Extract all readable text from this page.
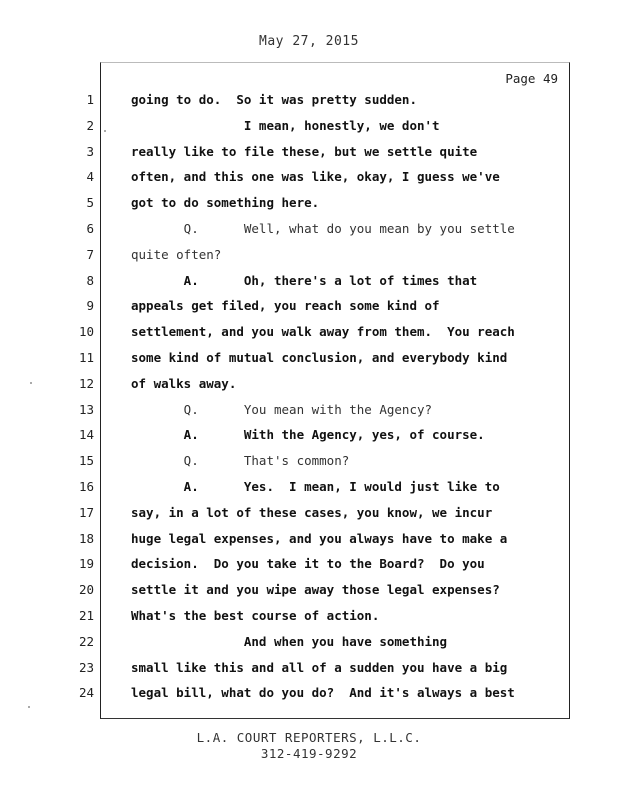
May 27, 2015
Page 49
1	going to do.  So it was pretty sudden.
2	I mean, honestly, we don't
3	really like to file these, but we settle quite
4	often, and this one was like, okay, I guess we've
5	got to do something here.
6	Q.      Well, what do you mean by you settle
7	quite often?
8	A.      Oh, there's a lot of times that
9	appeals get filed, you reach some kind of
10	settlement, and you walk away from them.  You reach
11	some kind of mutual conclusion, and everybody kind
12	of walks away.
13	Q.      You mean with the Agency?
14	A.      With the Agency, yes, of course.
15	Q.      That's common?
16	A.      Yes.  I mean, I would just like to
17	say, in a lot of these cases, you know, we incur
18	huge legal expenses, and you always have to make a
19	decision.  Do you take it to the Board?  Do you
20	settle it and you wipe away those legal expenses?
21	What's the best course of action.
22	And when you have something
23	small like this and all of a sudden you have a big
24	legal bill, what do you do?  And it's always a best
L.A. COURT REPORTERS, L.L.C.
312-419-9292
